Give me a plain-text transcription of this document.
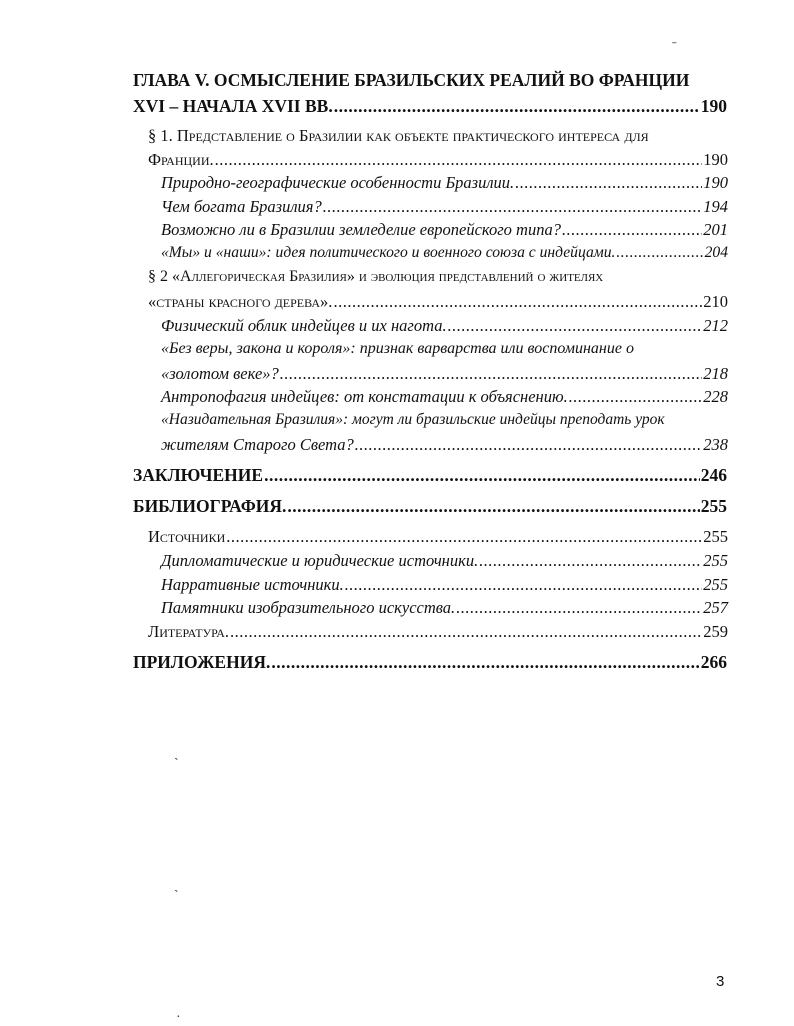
ГЛАВА V. ОСМЫСЛЕНИЕ БРАЗИЛЬСКИХ РЕАЛИЙ ВО ФРАНЦИИ
XVI – НАЧАЛА XVII ВВ. .....	190
§ 1. Представление о Бразилии как объекте практического интереса для
Франции. .....	190
Природно-географические особенности Бразилии. .....	190
Чем богата Бразилия? .....	194
Возможно ли в Бразилии земледелие европейского типа? .....	201
«Мы» и «наши»: идея политического и военного союза с индейцами. .....	204
§ 2 «Аллегорическая Бразилия» и эволюция представлений о жителях
«страны красного дерева». .....	210
Физический облик индейцев и их нагота. .....	212
«Без веры, закона и короля»: признак варварства или воспоминание о
«золотом веке»? .....	218
Антропофагия индейцев: от констатации к объяснению. .....	228
«Назидательная Бразилия»: могут ли бразильские индейцы преподать урок
жителям Старого Света? .....	238
ЗАКЛЮЧЕНИЕ .....	246
БИБЛИОГРАФИЯ. .....	255
Источники .....	255
Дипломатические и юридические источники. .....	255
Нарративные источники. .....	255
Памятники изобразительного искусства. .....	257
Литература. .....	259
ПРИЛОЖЕНИЯ. .....	266
ˉ
ˏ
ˏ
·
3
